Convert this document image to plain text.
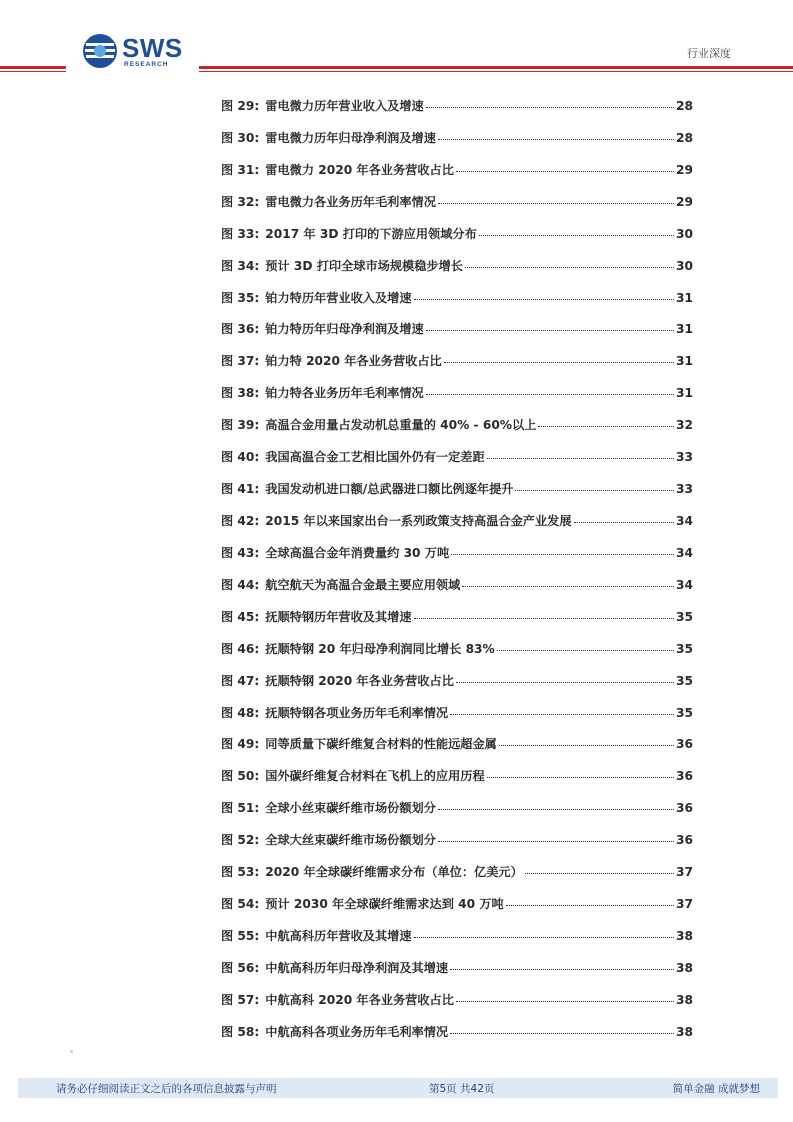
SWS
RESEARCH
行业深度
图 29: 雷电微力历年营业收入及增速	28
图 30: 雷电微力历年归母净利润及增速	28
图 31: 雷电微力 2020 年各业务营收占比	29
图 32: 雷电微力各业务历年毛利率情况	29
图 33: 2017 年 3D 打印的下游应用领域分布	30
图 34: 预计 3D 打印全球市场规模稳步增长	30
图 35: 铂力特历年营业收入及增速	31
图 36: 铂力特历年归母净利润及增速	31
图 37: 铂力特 2020 年各业务营收占比	31
图 38: 铂力特各业务历年毛利率情况	31
图 39: 高温合金用量占发动机总重量的 40% - 60%以上	32
图 40: 我国高温合金工艺相比国外仍有一定差距	33
图 41: 我国发动机进口额/总武器进口额比例逐年提升	33
图 42: 2015 年以来国家出台一系列政策支持高温合金产业发展	34
图 43: 全球高温合金年消费量约 30 万吨	34
图 44: 航空航天为高温合金最主要应用领域	34
图 45: 抚顺特钢历年营收及其增速	35
图 46: 抚顺特钢 20 年归母净利润同比增长 83%	35
图 47: 抚顺特钢 2020 年各业务营收占比	35
图 48: 抚顺特钢各项业务历年毛利率情况	35
图 49: 同等质量下碳纤维复合材料的性能远超金属	36
图 50: 国外碳纤维复合材料在飞机上的应用历程	36
图 51: 全球小丝束碳纤维市场份额划分	36
图 52: 全球大丝束碳纤维市场份额划分	36
图 53: 2020 年全球碳纤维需求分布（单位：亿美元）	37
图 54: 预计 2030 年全球碳纤维需求达到 40 万吨	37
图 55: 中航高科历年营收及其增速	38
图 56: 中航高科历年归母净利润及其增速	38
图 57: 中航高科 2020 年各业务营收占比	38
图 58: 中航高科各项业务历年毛利率情况	38
请务必仔细阅读正文之后的各项信息披露与声明	第5页 共42页	简单金融 成就梦想
